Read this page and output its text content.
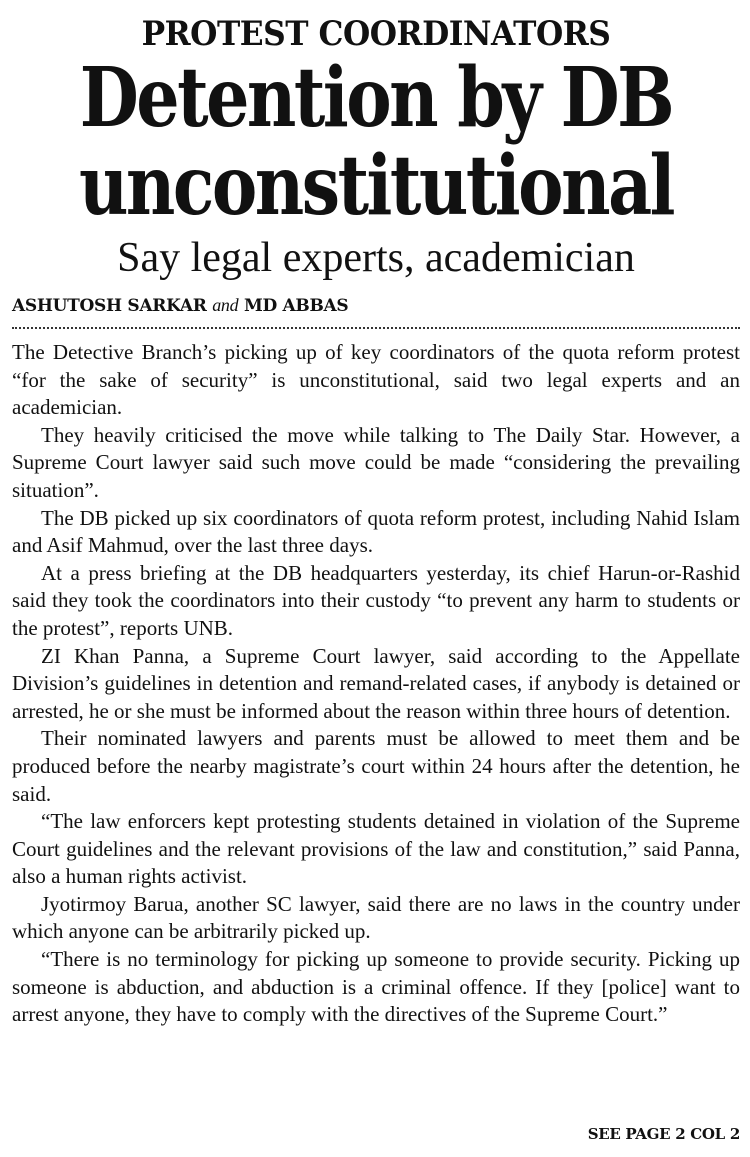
PROTEST COORDINATORS
Detention by DB
unconstitutional
Say legal experts, academician
ASHUTOSH SARKAR and MD ABBAS

The Detective Branch’s picking up of key coordinators of the quota reform protest “for the sake of security” is unconstitutional, said two legal experts and an academician.

They heavily criticised the move while talking to The Daily Star. However, a Supreme Court lawyer said such move could be made “considering the prevailing situation”.

The DB picked up six coordinators of quota reform protest, including Nahid Islam and Asif Mahmud, over the last three days.

At a press briefing at the DB headquarters yesterday, its chief Harun-or-Rashid said they took the coordinators into their custody “to prevent any harm to students or the protest”, reports UNB.

ZI Khan Panna, a Supreme Court lawyer, said according to the Appellate Division’s guidelines in detention and remand-related cases, if anybody is detained or arrested, he or she must be informed about the reason within three hours of detention.

Their nominated lawyers and parents must be allowed to meet them and be produced before the nearby magistrate’s court within 24 hours after the detention, he said.

“The law enforcers kept protesting students detained in violation of the Supreme Court guidelines and the relevant provisions of the law and constitution,” said Panna, also a human rights activist.

Jyotirmoy Barua, another SC lawyer, said there are no laws in the country under which anyone can be arbitrarily picked up.

“There is no terminology for picking up someone to provide security. Picking up someone is abduction, and abduction is a criminal offence. If they [police] want to arrest anyone, they have to comply with the directives of the Supreme Court.”

SEE PAGE 2 COL 2
